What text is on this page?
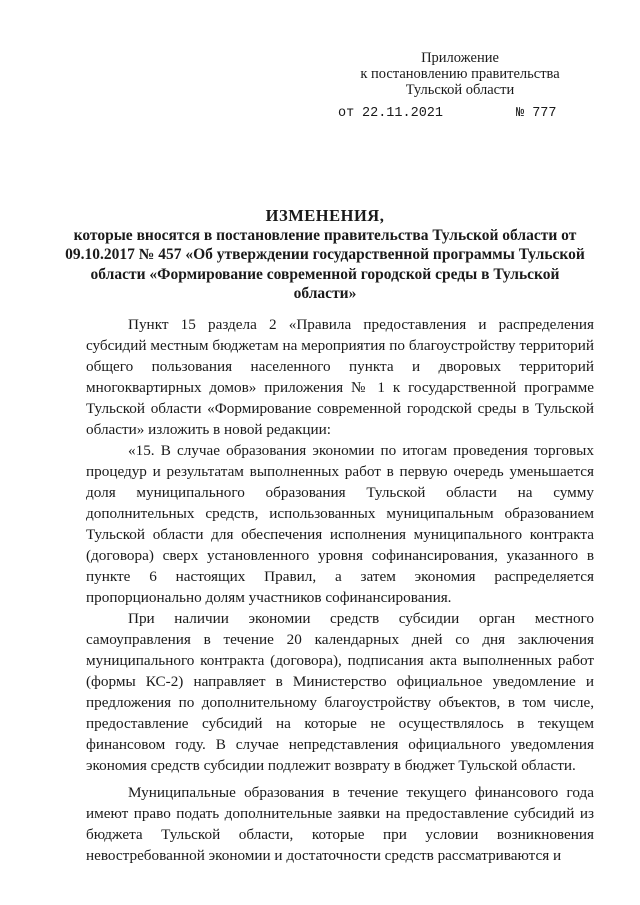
Приложение
к постановлению правительства
Тульской области
от 22.11.2021	№ 777
ИЗМЕНЕНИЯ,
которые вносятся в постановление правительства Тульской области от 09.10.2017 № 457 «Об утверждении государственной программы Тульской области «Формирование современной городской среды в Тульской области»

Пункт 15 раздела 2 «Правила предоставления и распределения субсидий местным бюджетам на мероприятия по благоустройству территорий общего пользования населенного пункта и дворовых территорий многоквартирных домов» приложения № 1 к государственной программе Тульской области «Формирование современной городской среды в Тульской области» изложить в новой редакции:

«15. В случае образования экономии по итогам проведения торговых процедур и результатам выполненных работ в первую очередь уменьшается доля муниципального образования Тульской области на сумму дополнительных средств, использованных муниципальным образованием Тульской области для обеспечения исполнения муниципального контракта (договора) сверх установленного уровня софинансирования, указанного в пункте 6 настоящих Правил, а затем экономия распределяется пропорционально долям участников софинансирования.

При наличии экономии средств субсидии орган местного самоуправления в течение 20 календарных дней со дня заключения муниципального контракта (договора), подписания акта выполненных работ (формы КС-2) направляет в Министерство официальное уведомление и предложения по дополнительному благоустройству объектов, в том числе, предоставление субсидий на которые не осуществлялось в текущем финансовом году. В случае непредставления официального уведомления экономия средств субсидии подлежит возврату в бюджет Тульской области.

Муниципальные образования в течение текущего финансового года имеют право подать дополнительные заявки на предоставление субсидий из бюджета Тульской области, которые при условии возникновения невостребованной экономии и достаточности средств рассматриваются и
